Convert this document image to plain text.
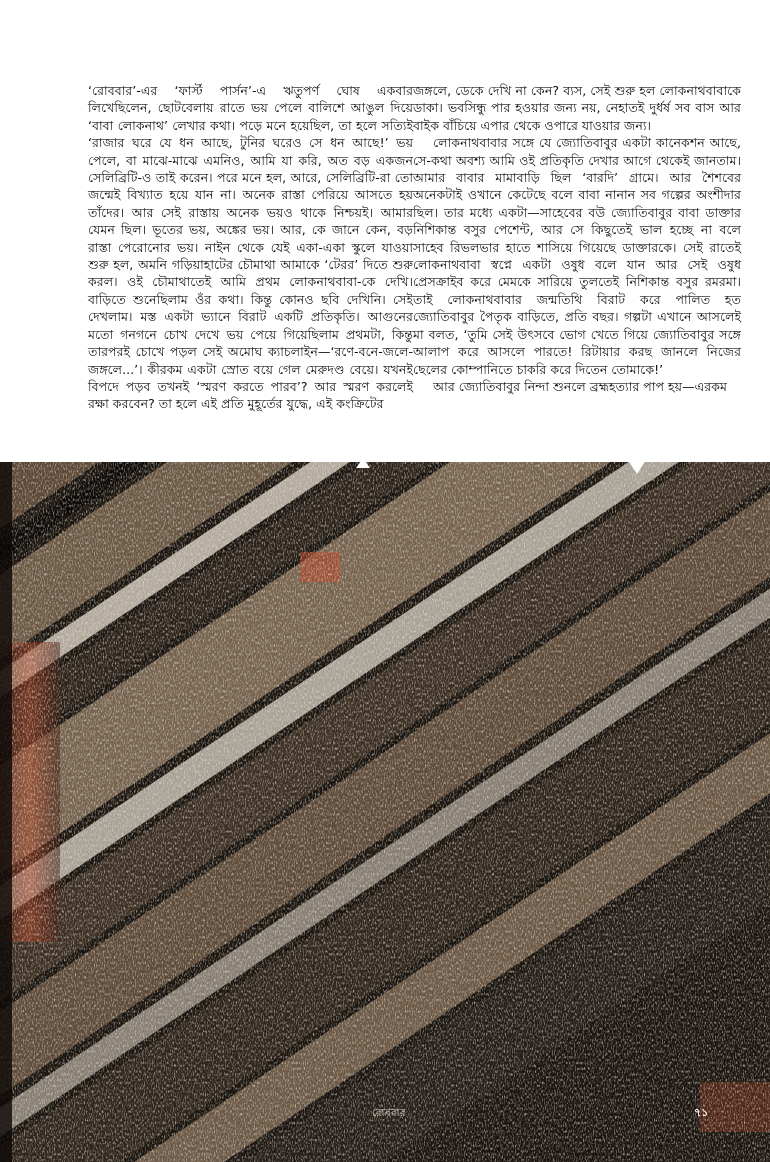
‘রোববার’-এর ‘ফার্স্ট পার্সন’-এ ঋতুপর্ণ ঘোষ একবার লিখেছিলেন, ছোটবেলায় রাতে ভয় পেলে বালিশে আঙুল দিয়ে ‘বাবা লোকনাথ’ লেখার কথা। পড়ে মনে হয়েছিল, তা হলে সত্যিই ‘রাজার ঘরে যে ধন আছে, টুনির ঘরেও সে ধন আছে!’ ভয় পেলে, বা মাঝে-মাঝে এমনিও, আমি যা করি, অত বড় একজন সেলিব্রিটি-ও তাই করেন। পরে মনে হল, আরে, সেলিব্রিটি-রা তো জন্মেই বিখ্যাত হয়ে যান না। অনেক রাস্তা পেরিয়ে আসতে হয় তাঁদের। আর সেই রাস্তায় অনেক ভয়ও থাকে নিশ্চয়ই। আমার যেমন ছিল। ভূতের ভয়, অঙ্কের ভয়। আর, কে জানে কেন, বড় রাস্তা পেরোনোর ভয়। নাইন থেকে যেই একা-একা স্কুলে যাওয়া শুরু হল, অমনি গড়িয়াহাটের চৌমাথা আমাকে ‘টেরর’ দিতে শুরু করল। ওই চৌমাথাতেই আমি প্রথম লোকনাথবাবা-কে দেখি। বাড়িতে শুনেছিলাম ওঁর কথা। কিন্তু কোনও ছবি দেখিনি। সেই দেখলাম। মস্ত একটা ভ্যানে বিরাট একটি প্রতিকৃতি। আগুনের মতো গনগনে চোখ দেখে ভয় পেয়ে গিয়েছিলাম প্রথমটা, কিন্তু তারপরই চোখে পড়ল সেই অমোঘ ক্যাচলাইন—‘রণে-বনে-জলে-জঙ্গলে...’। কীরকম একটা স্রোত বয়ে গেল মেরুদণ্ড বেয়ে। যখনই বিপদে পড়ব তখনই ‘স্মরণ করতে পারব’? আর স্মরণ করলেই রক্ষা করবেন? তা হলে এই প্রতি মুহূর্তের যুদ্ধে, এই কংক্রিটের

জঙ্গলে, ডেকে দেখি না কেন? ব্যস, সেই শুরু হল লোকনাথবাবাকে ডাকা। ভবসিন্ধু পার হওয়ার জন্য নয়, নেহাতই দুর্ধর্ষ সব বাস আর বাইক বাঁচিয়ে এপার থেকে ওপারে যাওয়ার জন্য।

লোকনাথবাবার সঙ্গে যে জ্যোতিবাবুর একটা কানেকশন আছে, সে-কথা অবশ্য আমি ওই প্রতিকৃতি দেখার আগে থেকেই জানতাম। আমার বাবার মামাবাড়ি ছিল ‘বারদি’ গ্রামে। আর শৈশবের অনেকটাই ওখানে কেটেছে বলে বাবা নানান সব গল্পের অংশীদার ছিল। তার মধ্যে একটা—সাহেবের বউ জ্যোতিবাবুর বাবা ডাক্তার নিশিকান্ত বসুর পেশেন্ট, আর সে কিছুতেই ভাল হচ্ছে না বলে সাহেব রিভলভার হাতে শাসিয়ে গিয়েছে ডাক্তারকে। সেই রাতেই লোকনাথবাবা স্বপ্নে একটা ওষুধ বলে যান আর সেই ওষুধ প্রেসক্রাইব করে মেমকে সারিয়ে তুলতেই নিশিকান্ত বসুর রমরমা। তাই লোকনাথবাবার জন্মতিথি বিরাট করে পালিত হত জ্যোতিবাবুর পৈতৃক বাড়িতে, প্রতি বছর। গল্পটা এখানে আসলেই মা বলত, ‘তুমি সেই উৎসবে ভোগ খেতে গিয়ে জ্যোতিবাবুর সঙ্গে আলাপ করে আসলে পারতে! রিটায়ার করছ জানলে নিজের ছেলের কোম্পানিতে চাকরি করে দিতেন তোমাকে!’

আর জ্যোতিবাবুর নিন্দা শুনলে ব্রহ্মহত্যার পাপ হয়—এরকম

রোববার	৭১
